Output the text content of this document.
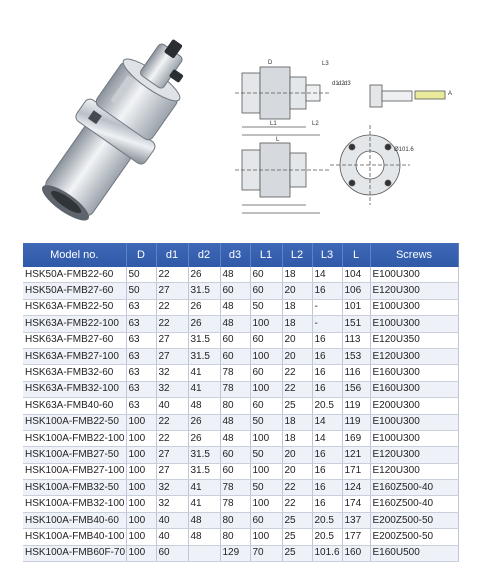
D
L1
L
L3
L2
d1 d2 d3
A
Ø101.6
Model no.	D	d1	d2	d3	L1	L2	L3	L	Screws
HSK50A-FMB22-60	50	22	26	48	60	18	14	104	E100U300
HSK50A-FMB27-60	50	27	31.5	60	60	20	16	106	E120U300
HSK63A-FMB22-50	63	22	26	48	50	18	-	101	E100U300
HSK63A-FMB22-100	63	22	26	48	100	18	-	151	E100U300
HSK63A-FMB27-60	63	27	31.5	60	60	20	16	113	E120U350
HSK63A-FMB27-100	63	27	31.5	60	100	20	16	153	E120U300
HSK63A-FMB32-60	63	32	41	78	60	22	16	116	E160U300
HSK63A-FMB32-100	63	32	41	78	100	22	16	156	E160U300
HSK63A-FMB40-60	63	40	48	80	60	25	20.5	119	E200U300
HSK100A-FMB22-50	100	22	26	48	50	18	14	119	E100U300
HSK100A-FMB22-100	100	22	26	48	100	18	14	169	E100U300
HSK100A-FMB27-50	100	27	31.5	60	50	20	16	121	E120U300
HSK100A-FMB27-100	100	27	31.5	60	100	20	16	171	E120U300
HSK100A-FMB32-50	100	32	41	78	50	22	16	124	E160Z500-40
HSK100A-FMB32-100	100	32	41	78	100	22	16	174	E160Z500-40
HSK100A-FMB40-60	100	40	48	80	60	25	20.5	137	E200Z500-50
HSK100A-FMB40-100	100	40	48	80	100	25	20.5	177	E200Z500-50
HSK100A-FMB60F-70	100	60		129	70	25	101.6	160	E160U500
